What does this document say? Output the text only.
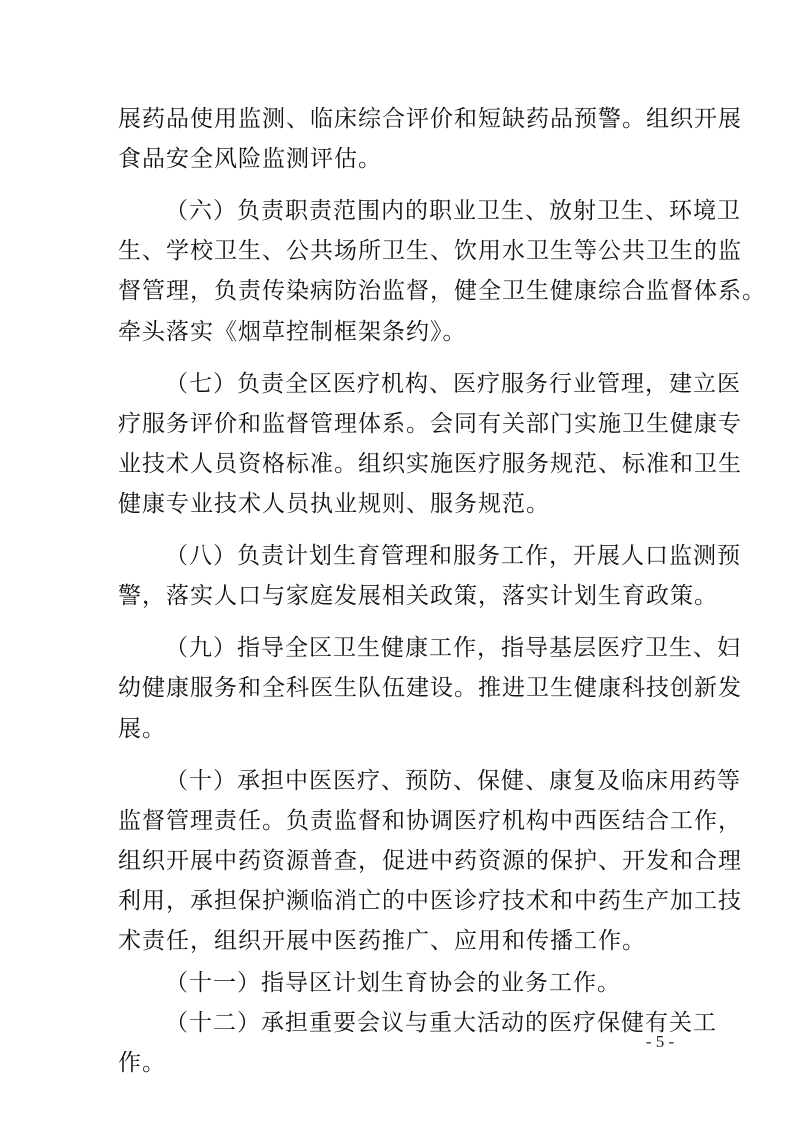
展药品使用监测、临床综合评价和短缺药品预警。组织开展
食品安全风险监测评估。
（六）负责职责范围内的职业卫生、放射卫生、环境卫
生、学校卫生、公共场所卫生、饮用水卫生等公共卫生的监
督管理，负责传染病防治监督，健全卫生健康综合监督体系。
牵头落实《烟草控制框架条约》。
（七）负责全区医疗机构、医疗服务行业管理，建立医
疗服务评价和监督管理体系。会同有关部门实施卫生健康专
业技术人员资格标准。组织实施医疗服务规范、标准和卫生
健康专业技术人员执业规则、服务规范。
（八）负责计划生育管理和服务工作，开展人口监测预
警，落实人口与家庭发展相关政策，落实计划生育政策。
（九）指导全区卫生健康工作，指导基层医疗卫生、妇
幼健康服务和全科医生队伍建设。推进卫生健康科技创新发
展。
（十）承担中医医疗、预防、保健、康复及临床用药等
监督管理责任。负责监督和协调医疗机构中西医结合工作，
组织开展中药资源普查，促进中药资源的保护、开发和合理
利用，承担保护濒临消亡的中医诊疗技术和中药生产加工技
术责任，组织开展中医药推广、应用和传播工作。
（十一）指导区计划生育协会的业务工作。
（十二）承担重要会议与重大活动的医疗保健有关工
作。
- 5 -
